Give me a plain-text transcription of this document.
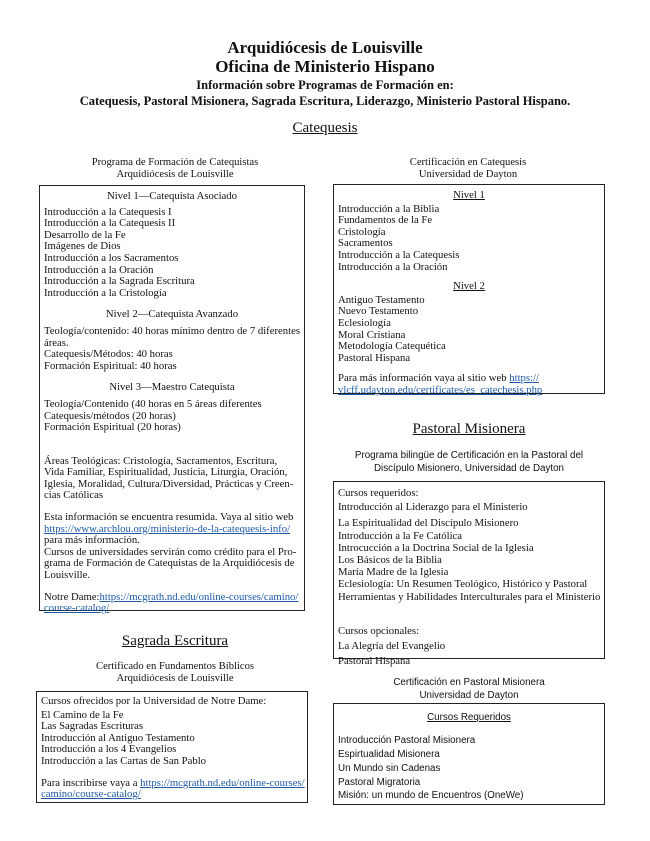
Arquidiócesis de Louisville
Oficina de Ministerio Hispano
Información sobre Programas de Formación en:
Catequesis, Pastoral Misionera, Sagrada Escritura, Liderazgo, Ministerio Pastoral Hispano.
Catequesis
Programa de Formación de Catequistas
Arquidiócesis de Louisville
Certificación en Catequesis
Universidad de Dayton
Nivel 1—Catequista Asociado
Introducción a la Catequesis I
Introducción a la Catequesis II
Desarrollo de la Fe
Imágenes de Dios
Introducción a los Sacramentos
Introducción a la Oración
Introducción a la Sagrada Escritura
Introducción a la Cristología
Nivel 2—Catequista Avanzado
Teología/contenido: 40 horas mínimo dentro de 7 diferentes
áreas.
Catequesis/Métodos: 40 horas
Formación Espiritual: 40 horas
Nivel 3—Maestro Catequista
Teología/Contenido (40 horas en 5 áreas diferentes
Catequesis/métodos (20 horas)
Formación Espiritual (20 horas)
Áreas Teológicas: Cristología, Sacramentos, Escritura,
Vida Familiar, Espiritualidad, Justicia, Liturgia, Oración,
Iglesia, Moralidad, Cultura/Diversidad, Prácticas y Creen-
cias Católicas
Esta información se encuentra resumida. Vaya al sitio web
https://www.archlou.org/ministerio-de-la-catequesis-info/
para más información.
Cursos de universidades servirán como crédito para el Pro-
grama de Formación de Catequistas de la Arquidiócesis de
Louisville.
Notre Dame:https://mcgrath.nd.edu/online-courses/camino/
course-catalog/
Nivel 1
Introducción a la Biblia
Fundamentos de la Fe
Cristología
Sacramentos
Introducción a la Catequesis
Introducción a la Oración
Nivel 2
Antiguo Testamento
Nuevo Testamento
Eclesiología
Moral Cristiana
Metodología Catequética
Pastoral Hispana
Para más información vaya al sitio web https://
vlcff.udayton.edu/certificates/es_catechesis.php
Pastoral Misionera
Programa bilingüe de Certificación en la Pastoral del
Discípulo Misionero, Universidad de Dayton
Cursos requeridos:
Introducción al Liderazgo para el Ministerio
La Espiritualidad del Discípulo Misionero
Introducción a la Fe Católica
Introcucción a la Doctrina Social de la Iglesia
Los Básicos de la Biblia
María Madre de la Iglesia
Eclesiología: Un Resumen Teológico, Histórico y Pastoral
Herramientas y Habilidades Interculturales para el Ministerio
Cursos opcionales:
La Alegría del Evangelio
Pastoral Hispana
Certificación en Pastoral Misionera
Universidad de Dayton
Cursos Requeridos
Introducción Pastoral Misionera
Espirtualidad Misionera
Un Mundo sin Cadenas
Pastoral Migratoria
Misión: un mundo de Encuentros (OneWe)
Sagrada Escritura
Certificado en Fundamentos Bíblicos
Arquidiócesis de Louisville
Cursos ofrecidos por la Universidad de Notre Dame:
El Camino de la Fe
Las Sagradas Escrituras
Introducción al Antiguo Testamento
Introducción a los 4 Evangelios
Introducción a las Cartas de San Pablo
Para inscribirse vaya a https://mcgrath.nd.edu/online-courses/
camino/course-catalog/
